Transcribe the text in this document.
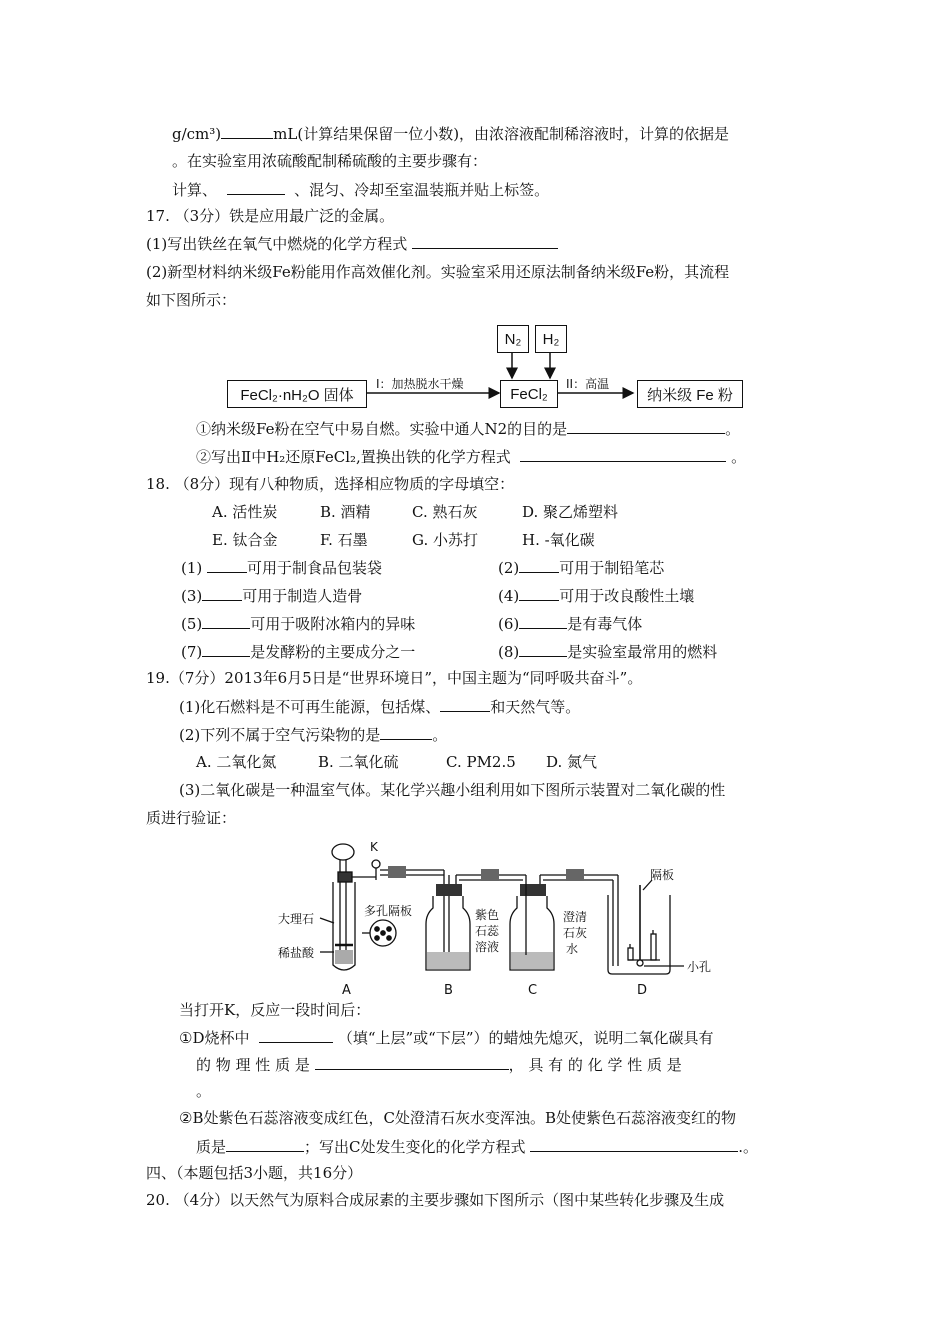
g/cm³)	mL(计算结果保留一位小数)，由浓溶液配制稀溶液时，计算的依据是
。在实验室用浓硫酸配制稀硫酸的主要步骤有：
计算、	、混匀、冷却至室温装瓶并贴上标签。
17. （3分）铁是应用最广泛的金属。
(1)写出铁丝在氧气中燃烧的化学方程式
(2)新型材料纳米级Fe粉能用作高效催化剂。实验室采用还原法制备纳米级Fe粉，其流程
如下图所示：
FeCl₂·nH₂O 固体
I：加热脱水干燥
FeCl₂
II：高温
纳米级 Fe 粉
N₂	H₂
①纳米级Fe粉在空气中易自燃。实验中通人N2的目的是	。
②写出Ⅱ中H₂还原FeCl₂,置换出铁的化学方程式	。
18. （8分）现有八种物质，选择相应物质的字母填空：
A. 活性炭	B. 酒精	C. 熟石灰	D. 聚乙烯塑料
E. 钛合金	F. 石墨	G. 小苏打	H. -氧化碳
(1)	可用于制食品包装袋	(2)	可用于制铅笔芯
(3)	可用于制造人造骨	(4)	可用于改良酸性土壤
(5)	可用于吸附冰箱内的异味	(6)	是有毒气体
(7)	是发酵粉的主要成分之一	(8)	是实验室最常用的燃料
19.（7分）2013年6月5日是“世界环境日”，中国主题为“同呼吸共奋斗”。
(1)化石燃料是不可再生能源，包括煤、	和天然气等。
(2)下列不属于空气污染物的是	。
A. 二氧化氮	B. 二氧化硫	C. PM2.5 D. 氮气
(3)二氧化碳是一种温室气体。某化学兴趣小组利用如下图所示装置对二氧化碳的性
质进行验证：
K
大理石
稀盐酸
多孔隔板	紫色
石蕊
溶液
澄清
石灰
水
隔板
小孔
A	B	C	D
当打开K，反应一段时间后：
①D烧杯中	（填“上层”或“下层”）的蜡烛先熄灭，说明二氧化碳具有
的 物 理 性 质 是	， 具 有 的 化 学 性 质 是
。
②B处紫色石蕊溶液变成红色，C处澄清石灰水变浑浊。B处使紫色石蕊溶液变红的物
质是	；写出C处发生变化的化学方程式	.。
四、（本题包括3小题，共16分）
20. （4分）以天然气为原料合成尿素的主要步骤如下图所示（图中某些转化步骤及生成
